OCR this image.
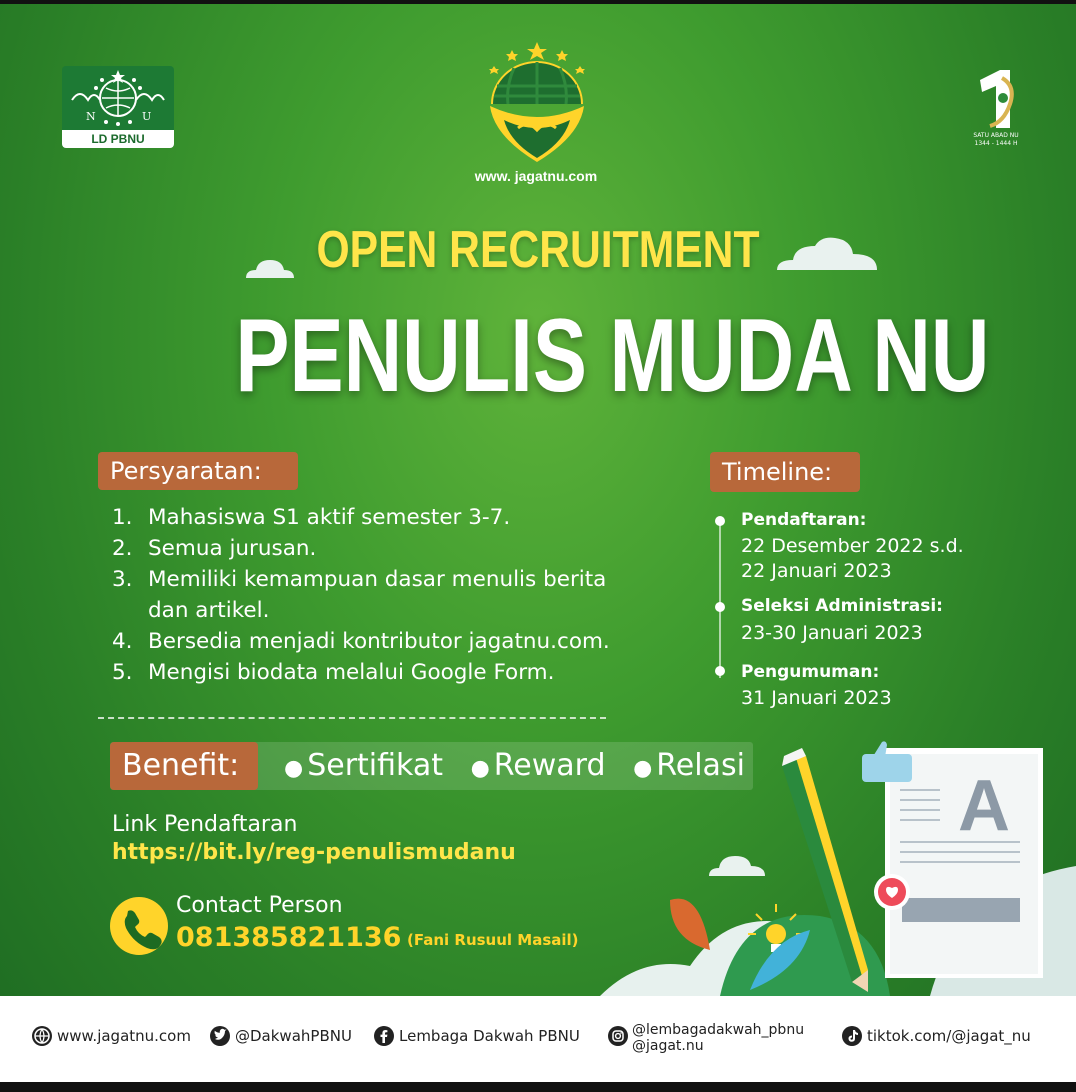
N	U
LD PBNU
www. jagatnu.com
SATU ABAD NU
1344 - 1444 H
OPEN RECRUITMENT
PENULIS MUDA NU
Persyaratan:
1. Mahasiswa S1 aktif semester 3-7.
2. Semua jurusan.
3. Memiliki kemampuan dasar menulis berita dan artikel.
4. Bersedia menjadi kontributor jagatnu.com.
5. Mengisi biodata melalui Google Form.
Timeline:
Pendaftaran:
22 Desember 2022 s.d.
22 Januari 2023
Seleksi Administrasi:
23-30 Januari 2023
Pengumuman:
31 Januari 2023
Benefit:	● Sertifikat ● Reward ● Relasi
Link Pendaftaran
https://bit.ly/reg-penulismudanu
Contact Person
081385821136 (Fani Rusuul Masail)
A
www.jagatnu.com	@DakwahPBNU	Lembaga Dakwah PBNU	@lembagadakwah_pbnu
@jagat.nu
tiktok.com/@jagat_nu
